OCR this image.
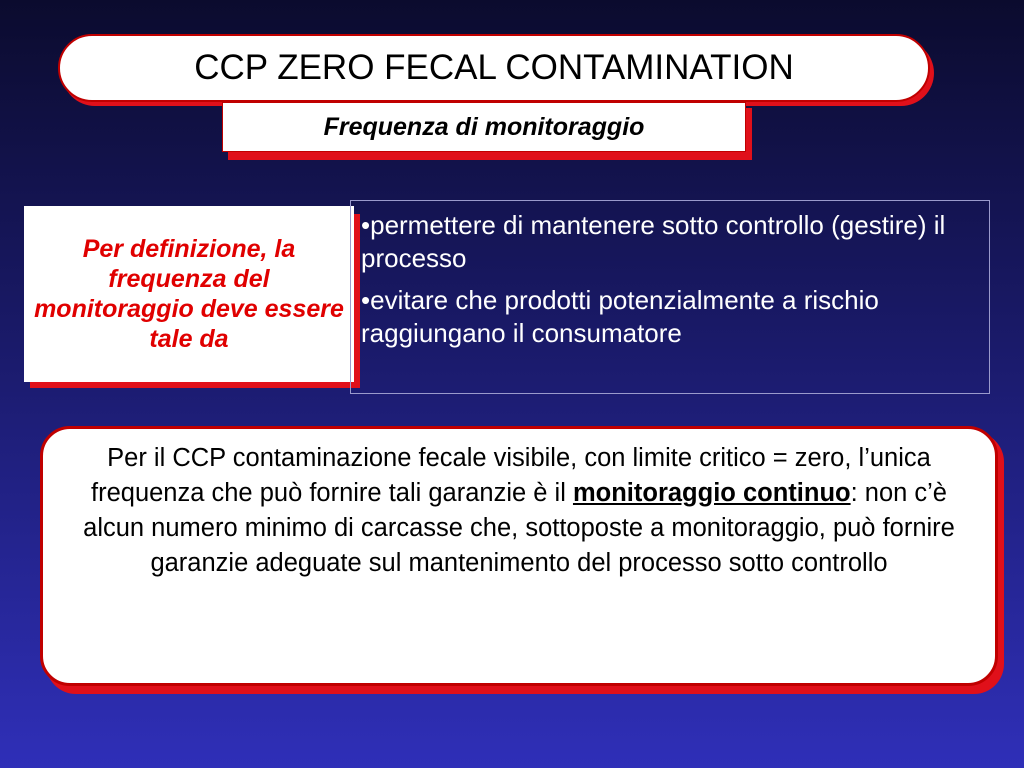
CCP ZERO FECAL CONTAMINATION
Frequenza di monitoraggio
Per definizione, la frequenza del monitoraggio deve essere tale da
•permettere di mantenere sotto controllo (gestire) il processo
•evitare che prodotti potenzialmente a rischio raggiungano il consumatore
Per il CCP contaminazione fecale visibile, con limite critico = zero, l’unica frequenza che può fornire tali garanzie è il monitoraggio continuo: non c’è alcun numero minimo di carcasse che, sottoposte a monitoraggio, può fornire garanzie adeguate sul mantenimento del processo sotto controllo
